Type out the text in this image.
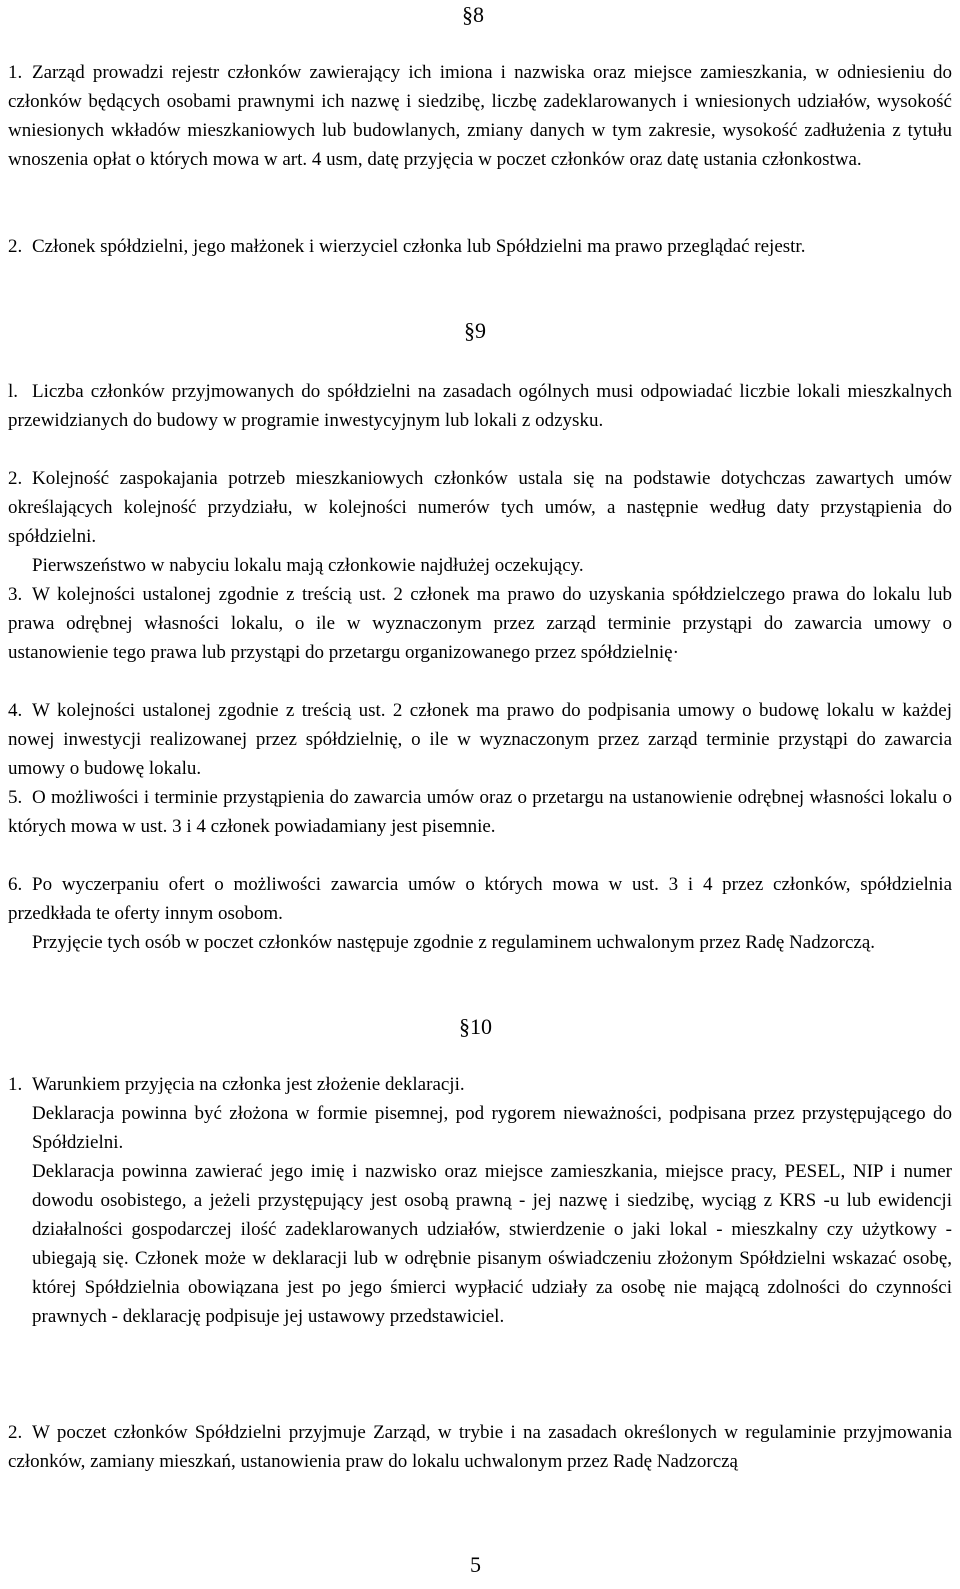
§8
1. Zarząd prowadzi rejestr członków zawierający ich imiona i nazwiska oraz miejsce zamieszkania, w odniesieniu do członków będących osobami prawnymi ich nazwę i siedzibę, liczbę zadeklarowanych i wniesionych udziałów, wysokość wniesionych wkładów mieszkaniowych lub budowlanych, zmiany danych w tym zakresie, wysokość zadłużenia z tytułu wnoszenia opłat o których mowa w art. 4 usm, datę przyjęcia w poczet członków oraz datę ustania członkostwa.
2. Członek spółdzielni, jego małżonek i wierzyciel członka lub Spółdzielni ma prawo przeglądać rejestr.
§9
l. Liczba członków przyjmowanych do spółdzielni na zasadach ogólnych musi odpowiadać liczbie lokali mieszkalnych przewidzianych do budowy w programie inwestycyjnym lub lokali z odzysku.
2. Kolejność zaspokajania potrzeb mieszkaniowych członków ustala się na podstawie dotychczas zawartych umów określających kolejność przydziału, w kolejności numerów tych umów, a następnie według daty przystąpienia do spółdzielni.
Pierwszeństwo w nabyciu lokalu mają członkowie najdłużej oczekujący.
3. W kolejności ustalonej zgodnie z treścią ust. 2 członek ma prawo do uzyskania spółdzielczego prawa do lokalu lub prawa odrębnej własności lokalu, o ile w wyznaczonym przez zarząd terminie przystąpi do zawarcia umowy o ustanowienie tego prawa lub przystąpi do przetargu organizowanego przez spółdzielnię·
4. W kolejności ustalonej zgodnie z treścią ust. 2 członek ma prawo do podpisania umowy o budowę lokalu w każdej nowej inwestycji realizowanej przez spółdzielnię, o ile w wyznaczonym przez zarząd terminie przystąpi do zawarcia umowy o budowę lokalu.
5. O możliwości i terminie przystąpienia do zawarcia umów oraz o przetargu na ustanowienie odrębnej własności lokalu o których mowa w ust. 3 i 4 członek powiadamiany jest pisemnie.
6. Po wyczerpaniu ofert o możliwości zawarcia umów o których mowa w ust. 3 i 4 przez członków, spółdzielnia przedkłada te oferty innym osobom.
Przyjęcie tych osób w poczet członków następuje zgodnie z regulaminem uchwalonym przez Radę Nadzorczą.
§10
1. Warunkiem przyjęcia na członka jest złożenie deklaracji.
Deklaracja powinna być złożona w formie pisemnej, pod rygorem nieważności, podpisana przez przystępującego do Spółdzielni.
Deklaracja powinna zawierać jego imię i nazwisko oraz miejsce zamieszkania, miejsce pracy, PESEL, NIP i numer dowodu osobistego, a jeżeli przystępujący jest osobą prawną - jej nazwę i siedzibę, wyciąg z KRS -u lub ewidencji działalności gospodarczej ilość zadeklarowanych udziałów, stwierdzenie o jaki lokal - mieszkalny czy użytkowy -ubiegają się. Członek może w deklaracji lub w odrębnie pisanym oświadczeniu złożonym Spółdzielni wskazać osobę, której Spółdzielnia obowiązana jest po jego śmierci wypłacić udziały za osobę nie mającą zdolności do czynności prawnych - deklarację podpisuje jej ustawowy przedstawiciel.
2. W poczet członków Spółdzielni przyjmuje Zarząd, w trybie i na zasadach określonych w regulaminie przyjmowania członków, zamiany mieszkań, ustanowienia praw do lokalu uchwalonym przez Radę Nadzorczą
5
